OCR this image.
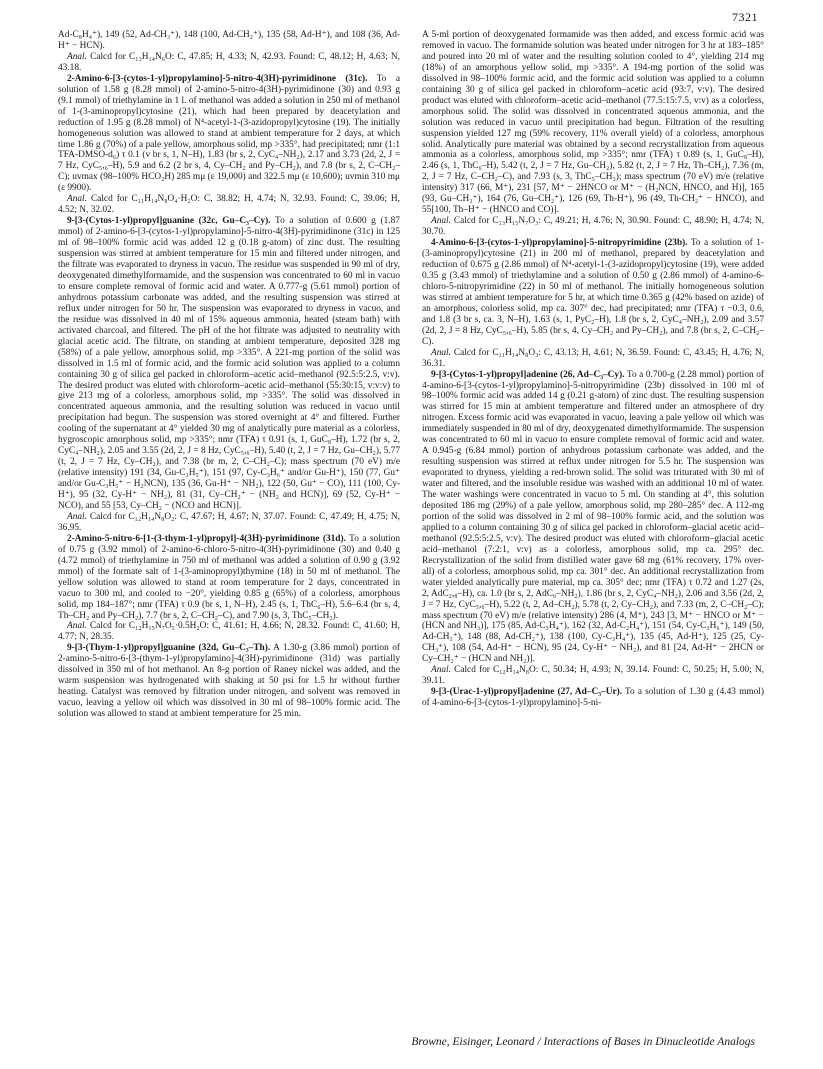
7321

Ad-C₈H₄⁺), 149 (52, Ad-CH₃⁺), 148 (100, Ad-CH₂⁺), 135 (58, Ad-H⁺), and 108 (36, Ad-H⁺ − HCN).

Anal. Calcd for C₁₃H₁₄N₆O: C, 47.85; H, 4.33; N, 42.93. Found: C, 48.12; H, 4.63; N, 43.18.

2-Amino-6-[3-(cytos-1-yl)propylamino]-5-nitro-4(3H)-pyrimidinone (31c). To a solution of 1.58 g (8.28 mmol) of 2-amino-5-nitro-4(3H)-pyrimidinone (30) and 0.93 g (9.1 mmol) of triethylamine in 1 l. of methanol was added a solution in 250 ml of methanol of 1-(3-aminopropyl)cytosine (21), which had been prepared by deacetylation and reduction of 1.95 g (8.28 mmol) of N⁴-acetyl-1-(3-azidopropyl)cytosine (19). The initially homogeneous solution was allowed to stand at ambient temperature for 2 days, at which time 1.86 g (70%) of a pale yellow, amorphous solid, mp >335°, had precipitated; nmr (1:1 TFA-DMSO-d₆) τ 0.1 (v br s, 1, N–H), 1.83 (br s, 2, CyC₄–NH₂), 2.17 and 3.73 (2d, 2, J = 7 Hz, CyC₅,₆–H), 5.9 and 6.2 (2 br s, 4, Cy–CH₂ and Py–CH₂), and 7.8 (br s, 2, C–CH₂–C); uvmax (98–100% HCO₂H) 285 mμ (ε 19,000) and 322.5 mμ (ε 10,600); uvmin 310 mμ (ε 9900).

Anal. Calcd for C₁₁H₁₄N₈O₄·H₂O: C, 38.82; H, 4.74; N, 32.93. Found: C, 39.06; H, 4.52; N, 32.02.

9-[3-(Cytos-1-yl)propyl]guanine (32c, Gu–C₃–Cy). To a solution of 0.600 g (1.87 mmol) of 2-amino-6-[3-(cytos-1-yl)propylamino]-5-nitro-4(3H)-pyrimidinone (31c) in 125 ml of 98–100% formic acid was added 12 g (0.18 g-atom) of zinc dust. The resulting suspension was stirred at ambient temperature for 15 min and filtered under nitrogen, and the filtrate was evaporated to dryness in vacuo. The residue was suspended in 90 ml of dry, deoxygenated dimethylformamide, and the suspension was concentrated to 60 ml in vacuo to ensure complete removal of formic acid and water. A 0.777-g (5.61 mmol) portion of anhydrous potassium carbonate was added, and the resulting suspension was stirred at reflux under nitrogen for 50 hr. The suspension was evaporated to dryness in vacuo, and the residue was dissolved in 40 ml of 15% aqueous ammonia, heated (steam bath) with activated charcoal, and filtered. The pH of the hot filtrate was adjusted to neutrality with glacial acetic acid. The filtrate, on standing at ambient temperature, deposited 328 mg (58%) of a pale yellow, amorphous solid, mp >335°. A 221-mg portion of the solid was dissolved in 1.5 ml of formic acid, and the formic acid solution was applied to a column containing 30 g of silica gel packed in chloroform–acetic acid–methanol (92.5:5:2.5, v:v). The desired product was eluted with chloroform–acetic acid–methanol (55:30:15, v:v:v) to give 213 mg of a colorless, amorphous solid, mp >335°. The solid was dissolved in concentrated aqueous ammonia, and the resulting solution was reduced in vacuo until precipitation had begun. The suspension was stored overnight at 4° and filtered. Further cooling of the supernatant at 4° yielded 30 mg of analytically pure material as a colorless, hygroscopic amorphous solid, mp >335°; nmr (TFA) τ 0.91 (s, 1, GuC₈–H), 1.72 (br s, 2, CyC₄–NH₂), 2.05 and 3.55 (2d, 2, J = 8 Hz, CyC₅,₆–H), 5.40 (t, 2, J = 7 Hz, Gu–CH₂), 5.77 (t, 2, J = 7 Hz, Cy–CH₂), and 7.38 (br m, 2, C–CH₂–C); mass spectrum (70 eV) m/e (relative intensity) 191 (34, Gu-C₃H₅⁺), 151 (97, Cy-C₃H₆⁺ and/or Gu-H⁺), 150 (77, Gu⁺ and/or Gu-C₃H₅⁺ − H₂NCN), 135 (36, Gu-H⁺ − NH₂), 122 (50, Gu⁺ − CO), 111 (100, Cy-H⁺), 95 (32, Cy-H⁺ − NH₂), 81 (31, Cy–CH₂⁺ − (NH₂ and HCN)], 69 (52, Cy-H⁺ − NCO), and 55 [53, Cy–CH₂ − (NCO and HCN)].

Anal. Calcd for C₁₂H₁₄N₈O₂: C, 47.67; H, 4.67; N, 37.07. Found: C, 47.49; H, 4.75; N, 36.95.

2-Amino-5-nitro-6-[1-(3-thym-1-yl)propyl]-4(3H)-pyrimidinone (31d). To a solution of 0.75 g (3.92 mmol) of 2-amino-6-chloro-5-nitro-4(3H)-pyrimidinone (30) and 0.40 g (4.72 mmol) of triethylamine in 750 ml of methanol was added a solution of 0.90 g (3.92 mmol) of the formate salt of 1-(3-aminopropyl)thymine (18) in 50 ml of methanol. The yellow solution was allowed to stand at room temperature for 2 days, concentrated in vacuo to 300 ml, and cooled to −20°, yielding 0.85 g (65%) of a colorless, amorphous solid, mp 184–187°; nmr (TFA) τ 0.9 (br s, 1, N–H), 2.45 (s, 1, ThC₆–H), 5.6–6.4 (br s, 4, Th–CH₂ and Py–CH₂), 7.7 (br s, 2, C–CH₂–C), and 7.90 (s, 3, ThC₅–CH₃).

Anal. Calcd for C₁₂H₁₅N₇O₅·0.5H₂O: C, 41.61; H, 4.66; N, 28.32. Found: C, 41.60; H, 4.77; N, 28.35.

9-[3-(Thym-1-yl)propyl]guanine (32d, Gu–C₃–Th). A 1.30-g (3.86 mmol) portion of 2-amino-5-nitro-6-[3-(thym-1-yl)propylamino]-4(3H)-pyrimidinone (31d) was partially dissolved in 350 ml of hot methanol. An 8-g portion of Raney nickel was added, and the warm suspension was hydrogenated with shaking at 50 psi for 1.5 hr without further heating. Catalyst was removed by filtration under nitrogen, and solvent was removed in vacuo, leaving a yellow oil which was dissolved in 30 ml of 98–100% formic acid. The solution was allowed to stand at ambient temperature for 25 min.

A 5-ml portion of deoxygenated formamide was then added, and excess formic acid was removed in vacuo. The formamide solution was heated under nitrogen for 3 hr at 183–185° and poured into 20 ml of water and the resulting solution cooled to 4°, yielding 214 mg (18%) of an amorphous yellow solid, mp >335°. A 194-mg portion of the solid was dissolved in 98–100% formic acid, and the formic acid solution was applied to a column containing 30 g of silica gel packed in chloroform–acetic acid (93:7, v:v). The desired product was eluted with chloroform–acetic acid–methanol (77.5:15:7.5, v:v) as a colorless, amorphous solid. The solid was dissolved in concentrated aqueous ammonia, and the solution was reduced in vacuo until precipitation had begun. Filtration of the resulting suspension yielded 127 mg (59% recovery, 11% overall yield) of a colorless, amorphous solid. Analytically pure material was obtained by a second recrystallization from aqueous ammonia as a colorless, amorphous solid, mp >335°; nmr (TFA) τ 0.89 (s, 1, GuC₈–H), 2.46 (s, 1, ThC₆–H), 5.42 (t, 2, J = 7 Hz, Gu–CH₂), 5.82 (t, 2, J = 7 Hz, Th–CH₂), 7.36 (m, 2, J = 7 Hz, C–CH₂–C), and 7.93 (s, 3, ThC₅–CH₃); mass spectrum (70 eV) m/e (relative intensity) 317 (66, M⁺), 231 [57, M⁺ − 2HNCO or M⁺ − (H₂NCN, HNCO, and H)], 165 (93, Gu–CH₃⁺), 164 (76, Gu–CH₂⁺), 126 (69, Th-H⁺), 96 (49, Th-CH₂⁺ − HNCO), and 55[100, Th–H⁺ − (HNCO and CO)].

Anal. Calcd for C₁₃H₁₅N₇O₃: C, 49.21; H, 4.76; N, 30.90. Found: C, 48.90; H, 4.74; N, 30.70.

4-Amino-6-[3-(cytos-1-yl)propylamino]-5-nitropyrimidine (23b). To a solution of 1-(3-aminopropyl)cytosine (21) in 200 ml of methanol, prepared by deacetylation and reduction of 0.675 g (2.86 mmol) of N⁴-acetyl-1-(3-azidopropyl)cytosine (19), were added 0.35 g (3.43 mmol) of triethylamine and a solution of 0.50 g (2.86 mmol) of 4-amino-6-chloro-5-nitropyrimidine (22) in 50 ml of methanol. The initially homogeneous solution was stirred at ambient temperature for 5 hr, at which time 0.365 g (42% based on azide) of an amorphous, colorless solid, mp ca. 307° dec, had precipitated; nmr (TFA) τ −0.3, 0.6, and 1.8 (3 br s, ca. 3, N–H), 1.63 (s, 1, PyC₂–H), 1.8 (br s, 2, CyC₄–NH₂), 2.09 and 3.57 (2d, 2, J = 8 Hz, CyC₅,₆–H), 5.85 (br s, 4, Cy–CH₂ and Py–CH₂), and 7.8 (br s, 2, C–CH₂–C).

Anal. Calcd for C₁₁H₁₄N₈O₃: C, 43.13; H, 4.61; N, 36.59. Found: C, 43.45; H, 4.76; N, 36.31.

9-[3-(Cytos-1-yl)propyl]adenine (26, Ad–C₃–Cy). To a 0.700-g (2.28 mmol) portion of 4-amino-6-[3-(cytos-1-yl)propylamino]-5-nitropyrimidine (23b) dissolved in 100 ml of 98–100% formic acid was added 14 g (0.21 g-atom) of zinc dust. The resulting suspension was stirred for 15 min at ambient temperature and filtered under an atmosphere of dry nitrogen. Excess formic acid was evaporated in vacuo, leaving a pale yellow oil which was immediately suspended in 80 ml of dry, deoxygenated dimethylformamide. The suspension was concentrated to 60 ml in vacuo to ensure complete removal of formic acid and water. A 0.945-g (6.84 mmol) portion of anhydrous potassium carbonate was added, and the resulting suspension was stirred at reflux under nitrogen for 5.5 hr. The suspension was evaporated to dryness, yielding a red-brown solid. The solid was triturated with 30 ml of water and filtered, and the insoluble residue was washed with an additional 10 ml of water. The water washings were concentrated in vacuo to 5 ml. On standing at 4°, this solution deposited 186 mg (29%) of a pale yellow, amorphous solid, mp 280–285° dec. A 112-mg portion of the solid was dissolved in 2 ml of 98–100% formic acid, and the solution was applied to a column containing 30 g of silica gel packed in chloroform–glacial acetic acid–methanol (92.5:5:2.5, v:v). The desired product was eluted with chloroform–glacial acetic acid–methanol (7:2:1, v:v) as a colorless, amorphous solid, mp ca. 295° dec. Recrystallization of the solid from distilled water gave 68 mg (61% recovery, 17% over-all) of a colorless, amorphous solid, mp ca. 301° dec. An additional recrystallization from water yielded analytically pure material, mp ca. 305° dec; nmr (TFA) τ 0.72 and 1.27 (2s, 2, AdC₂,₈–H), ca. 1.0 (br s, 2, AdC₆–NH₂), 1.86 (br s, 2, CyC₄–NH₂), 2.06 and 3.56 (2d, 2, J = 7 Hz, CyC₅,₆–H), 5.22 (t, 2, Ad–CH₂), 5.78 (t, 2, Cy–CH₂), and 7.33 (m, 2, C–CH₂–C); mass spectrum (70 eV) m/e (relative intensity) 286 (4, M⁺), 243 [3, M⁺ − HNCO or M⁺ − (HCN and NH₃)], 175 (85, Ad-C₃H₄⁺), 162 (32, Ad-C₂H₄⁺), 151 (54, Cy-C₃H₆⁺), 149 (50, Ad-CH₃⁺), 148 (88, Ad-CH₂⁺), 138 (100, Cy-C₃H₄⁺), 135 (45, Ad-H⁺), 125 (25, Cy-CH₃⁺), 108 (54, Ad-H⁺ − HCN), 95 (24, Cy-H⁺ − NH₂), and 81 [24, Ad-H⁺ − 2HCN or Cy–CH₂⁺ − (HCN and NH₂)].

Anal. Calcd for C₁₂H₁₄N₈O: C, 50.34; H, 4.93; N, 39.14. Found: C, 50.25; H, 5.00; N, 39.11.

9-[3-(Urac-1-yl)propyl]adenine (27, Ad–C₃–Ur). To a solution of 1.30 g (4.43 mmol) of 4-amino-6-[3-(cytos-1-yl)propylamino]-5-ni-

Browne, Eisinger, Leonard / Interactions of Bases in Dinucleotide Analogs
